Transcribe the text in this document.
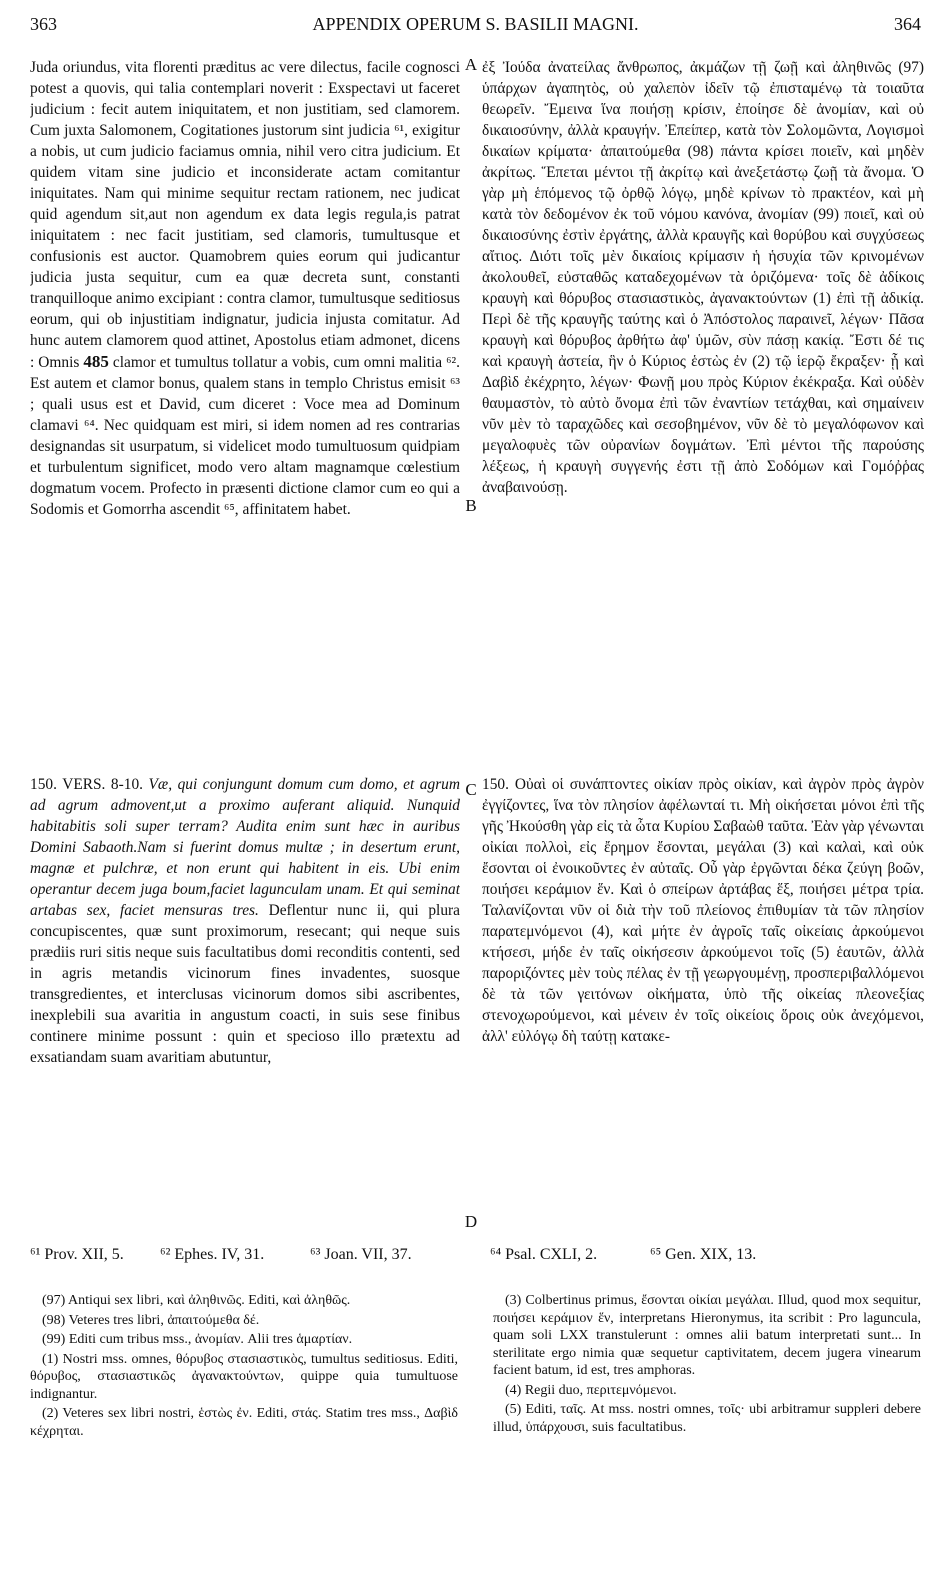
363	APPENDIX OPERUM S. BASILII MAGNI.	364
A
B
C
D

Juda oriundus, vita florenti præditus ac vere dilectus, facile cognosci potest a quovis, qui talia contemplari noverit : Exspectavi ut faceret judicium : fecit autem iniquitatem, et non justitiam, sed clamorem. Cum juxta Salomonem, Cogitationes justorum sint judicia ⁶¹, exigitur a nobis, ut cum judicio faciamus omnia, nihil vero citra judicium. Et quidem vitam sine judicio et inconsiderate actam comitantur iniquitates. Nam qui minime sequitur rectam rationem, nec judicat quid agendum sit,aut non agendum ex data legis regula,is patrat iniquitatem : nec facit justitiam, sed clamoris, tumultusque et confusionis est auctor. Quamobrem quies eorum qui judicantur judicia justa sequitur, cum ea quæ decreta sunt, constanti tranquilloque animo excipiant : contra clamor, tumultusque seditiosus eorum, qui ob injustitiam indignatur, judicia injusta comitatur. Ad hunc autem clamorem quod attinet, Apostolus etiam admonet, dicens : Omnis 485 clamor et tumultus tollatur a vobis, cum omni malitia ⁶². Est autem et clamor bonus, qualem stans in templo Christus emisit ⁶³ ; quali usus est et David, cum diceret : Voce mea ad Dominum clamavi ⁶⁴. Nec quidquam est miri, si idem nomen ad res contrarias designandas sit usurpatum, si videlicet modo tumultuosum quidpiam et turbulentum significet, modo vero altam magnamque cœlestium dogmatum vocem. Profecto in præsenti dictione clamor cum eo qui a Sodomis et Gomorrha ascendit ⁶⁵, affinitatem habet.

ἐξ Ἰούδα ἀνατείλας ἄνθρωπος, ἀκμάζων τῇ ζωῇ καὶ ἀληθινῶς (97) ὑπάρχων ἀγαπητὸς, οὐ χαλεπὸν ἰδεῖν τῷ ἐπισταμένῳ τὰ τοιαῦτα θεωρεῖν. Ἔμεινα ἵνα ποιήσῃ κρίσιν, ἐποίησε δὲ ἀνομίαν, καὶ οὐ δικαιοσύνην, ἀλλὰ κραυγήν. Ἐπείπερ, κατὰ τὸν Σολομῶντα, Λογισμοὶ δικαίων κρίματα· ἀπαιτούμεθα (98) πάντα κρίσει ποιεῖν, καὶ μηδὲν ἀκρίτως. Ἕπεται μέντοι τῇ ἀκρίτῳ καὶ ἀνεξετάστῳ ζωῇ τὰ ἄνομα. Ὁ γὰρ μὴ ἑπόμενος τῷ ὀρθῷ λόγῳ, μηδὲ κρίνων τὸ πρακτέον, καὶ μὴ κατὰ τὸν δεδομένον ἐκ τοῦ νόμου κανόνα, ἀνομίαν (99) ποιεῖ, καὶ οὐ δικαιοσύνης ἐστὶν ἐργάτης, ἀλλὰ κραυγῆς καὶ θορύβου καὶ συγχύσεως αἴτιος. Διότι τοῖς μὲν δικαίοις κρίμασιν ἡ ἡσυχία τῶν κρινομένων ἀκολουθεῖ, εὐσταθῶς καταδεχομένων τὰ ὁριζόμενα· τοῖς δὲ ἀδίκοις κραυγὴ καὶ θόρυβος στασιαστικὸς, ἀγανακτούντων (1) ἐπὶ τῇ ἀδικίᾳ. Περὶ δὲ τῆς κραυγῆς ταύτης καὶ ὁ Ἀπόστολος παραινεῖ, λέγων· Πᾶσα κραυγὴ καὶ θόρυβος ἀρθήτω ἀφ' ὑμῶν, σὺν πάσῃ κακίᾳ. Ἔστι δέ τις καὶ κραυγὴ ἀστεία, ἣν ὁ Κύριος ἑστὼς ἐν (2) τῷ ἱερῷ ἔκραξεν· ᾗ καὶ Δαβὶδ ἐκέχρητο, λέγων· Φωνῇ μου πρὸς Κύριον ἐκέκραξα. Καὶ οὐδὲν θαυμαστὸν, τὸ αὐτὸ ὄνομα ἐπὶ τῶν ἐναντίων τετάχθαι, καὶ σημαίνειν νῦν μὲν τὸ ταραχῶδες καὶ σεσοβημένον, νῦν δὲ τὸ μεγαλόφωνον καὶ μεγαλοφυὲς τῶν οὐρανίων δογμάτων. Ἐπὶ μέντοι τῆς παρούσης λέξεως, ἡ κραυγὴ συγγενής ἐστι τῇ ἀπὸ Σοδόμων καὶ Γομόῤῥας ἀναβαινούσῃ.

150. VERS. 8-10. Væ, qui conjungunt domum cum domo, et agrum ad agrum admovent,ut a proximo auferant aliquid. Nunquid habitabitis soli super terram? Audita enim sunt hæc in auribus Domini Sabaoth.Nam si fuerint domus multæ ; in desertum erunt, magnæ et pulchræ, et non erunt qui habitent in eis. Ubi enim operantur decem juga boum,faciet lagunculam unam. Et qui seminat artabas sex, faciet mensuras tres. Deflentur nunc ii, qui plura concupiscentes, quæ sunt proximorum, resecant; qui neque suis prædiis ruri sitis neque suis facultatibus domi reconditis contenti, sed in agris metandis vicinorum fines invadentes, suosque transgredientes, et interclusas vicinorum domos sibi ascribentes, inexplebili sua avaritia in angustum coacti, in suis sese finibus continere minime possunt : quin et specioso illo prætextu ad exsatiandam suam avaritiam abutuntur,

150. Οὐαὶ οἱ συνάπτοντες οἰκίαν πρὸς οἰκίαν, καὶ ἀγρὸν πρὸς ἀγρὸν ἐγγίζοντες, ἵνα τὸν πλησίον ἀφέλωνταί τι. Μὴ οἰκήσεται μόνοι ἐπὶ τῆς γῆς Ἠκούσθη γὰρ εἰς τὰ ὦτα Κυρίου Σαβαὼθ ταῦτα. Ἐὰν γὰρ γένωνται οἰκίαι πολλοὶ, εἰς ἔρημον ἔσονται, μεγάλαι (3) καὶ καλαὶ, καὶ οὐκ ἔσονται οἱ ἐνοικοῦντες ἐν αὐταῖς. Οὗ γὰρ ἐργῶνται δέκα ζεύγη βοῶν, ποιήσει κεράμιον ἕν. Καὶ ὁ σπείρων ἀρτάβας ἕξ, ποιήσει μέτρα τρία. Ταλανίζονται νῦν οἱ διὰ τὴν τοῦ πλείονος ἐπιθυμίαν τὰ τῶν πλησίον παρατεμνόμενοι (4), καὶ μήτε ἐν ἀγροῖς ταῖς οἰκείαις ἀρκούμενοι κτήσεσι, μήδε ἐν ταῖς οἰκήσεσιν ἀρκούμενοι τοῖς (5) ἑαυτῶν, ἀλλὰ παροριζόντες μὲν τοὺς πέλας ἐν τῇ γεωργουμένῃ, προσπεριβαλλόμενοι δὲ τὰ τῶν γειτόνων οἰκήματα, ὑπὸ τῆς οἰκείας πλεονεξίας στενοχωρούμενοι, καὶ μένειν ἐν τοῖς οἰκείοις ὅροις οὐκ ἀνεχόμενοι, ἀλλ' εὐλόγῳ δὴ ταύτῃ κατακε-

⁶¹ Prov. XII, 5. ⁶² Ephes. IV, 31.	⁶³ Joan. VII, 37.	⁶⁴ Psal. CXLI, 2.	⁶⁵ Gen. XIX, 13.

(97) Antiqui sex libri, καὶ ἀληθινῶς. Editi, καὶ ἀληθῶς.

(98) Veteres tres libri, ἀπαιτούμεθα δέ.

(99) Editi cum tribus mss., ἀνομίαν. Alii tres ἁμαρτίαν.

(1) Nostri mss. omnes, θόρυβος στασιαστικὸς, tumultus seditiosus. Editi, θόρυβος, στασιαστικῶς ἀγανακτούντων, quippe quia tumultuose indignantur.

(2) Veteres sex libri nostri, ἑστὼς ἐν. Editi, στάς. Statim tres mss., Δαβὶδ κέχρηται.

(3) Colbertinus primus, ἔσονται οἰκίαι μεγάλαι. Illud, quod mox sequitur, ποιήσει κεράμιον ἕν, interpretans Hieronymus, ita scribit : Pro laguncula, quam soli LXX transtulerunt : omnes alii batum interpretati sunt... In sterilitate ergo nimia quæ sequetur captivitatem, decem jugera vinearum facient batum, id est, tres amphoras.

(4) Regii duo, περιτεμνόμενοι.

(5) Editi, ταῖς. At mss. nostri omnes, τοῖς· ubi arbitramur suppleri debere illud, ὑπάρχουσι, suis facultatibus.
